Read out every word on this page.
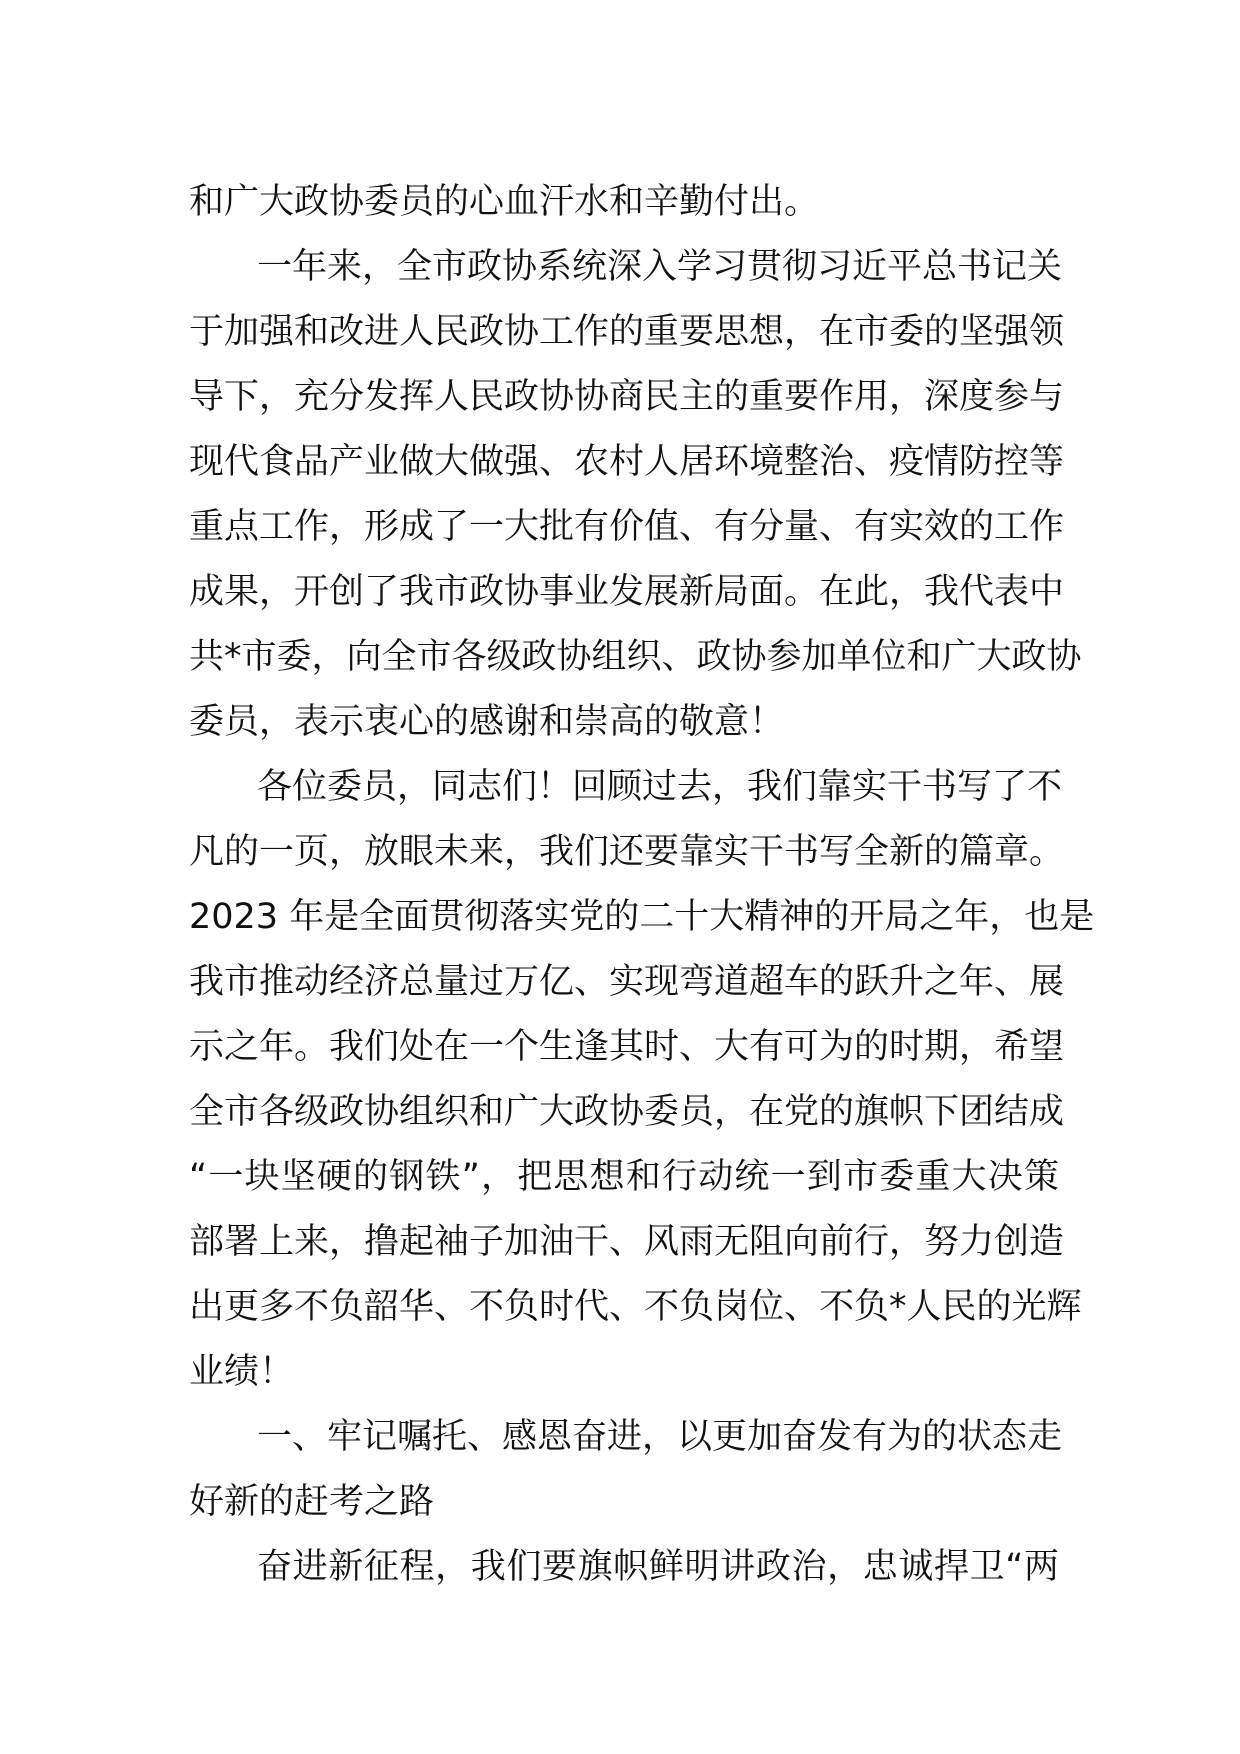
和广大政协委员的心血汗水和辛勤付出。
一年来，全市政协系统深入学习贯彻习近平总书记关
于加强和改进人民政协工作的重要思想，在市委的坚强领
导下，充分发挥人民政协协商民主的重要作用，深度参与
现代食品产业做大做强、农村人居环境整治、疫情防控等
重点工作，形成了一大批有价值、有分量、有实效的工作
成果，开创了我市政协事业发展新局面。在此，我代表中
共*市委，向全市各级政协组织、政协参加单位和广大政协
委员，表示衷心的感谢和崇高的敬意！
各位委员，同志们！回顾过去，我们靠实干书写了不
凡的一页，放眼未来，我们还要靠实干书写全新的篇章。
2023 年是全面贯彻落实党的二十大精神的开局之年，也是
我市推动经济总量过万亿、实现弯道超车的跃升之年、展
示之年。我们处在一个生逢其时、大有可为的时期，希望
全市各级政协组织和广大政协委员，在党的旗帜下团结成
“一块坚硬的钢铁”，把思想和行动统一到市委重大决策
部署上来，撸起袖子加油干、风雨无阻向前行，努力创造
出更多不负韶华、不负时代、不负岗位、不负*人民的光辉
业绩！
一、牢记嘱托、感恩奋进，以更加奋发有为的状态走
好新的赶考之路
奋进新征程，我们要旗帜鲜明讲政治，忠诚捍卫“两
